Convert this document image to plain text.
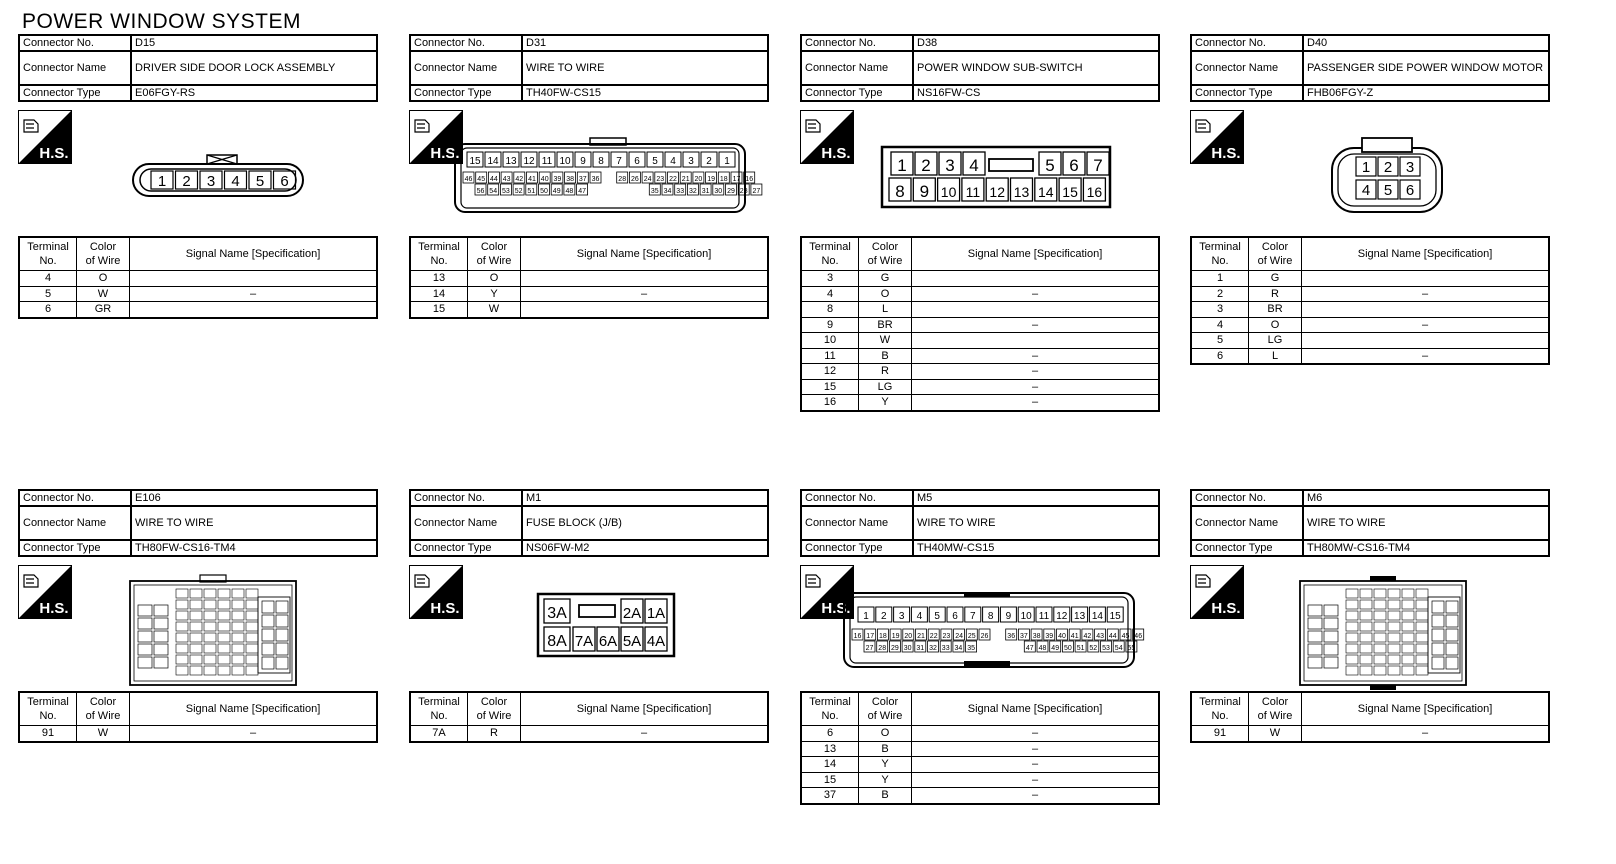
POWER WINDOW SYSTEM
Connector No.	D15
Connector Name	DRIVER SIDE DOOR LOCK ASSEMBLY
Connector Type	E06FGY-RS
H.S.
1 2 3 4 5 6
Terminal
No.	Color
of Wire	Signal Name [Specification]
4	O	
5	W	–
6	GR	
Connector No.	D31
Connector Name	WIRE TO WIRE
Connector Type	TH40FW-CS15
H.S. 15 14 13 12 11 10 9 8 7 6 5 4 3 2 1
46 45 44 43 42 41 40 39 38 37 36	28 26 24 23 22 21 20 19 18 17 16
56 54 53 52 51 50 49 48 47	35 34 33 32 31 30 29 28 27
Terminal
No.	Color
of Wire	Signal Name [Specification]
13	O	
14	Y	–
15	W	
Connector No.	D38
Connector Name	POWER WINDOW SUB-SWITCH
Connector Type	NS16FW-CS
H.S.
1 2 3 4	5 6 7
8 9 10 11 12 13 14 15 16
Terminal
No.	Color
of Wire	Signal Name [Specification]
3	G	
4	O	–
8	L	
9	BR	–
10	W	
11	B	–
12	R	–
15	LG	–
16	Y	–
Connector No.	D40
Connector Name	PASSENGER SIDE POWER WINDOW MOTOR
Connector Type	FHB06FGY-Z
H.S.
1 2 3
4 5 6
Terminal
No.	Color
of Wire	Signal Name [Specification]
1	G	
2	R	–
3	BR	
4	O	–
5	LG	
6	L	–
Connector No.	E106
Connector Name	WIRE TO WIRE
Connector Type	TH80FW-CS16-TM4
H.S.
Terminal
No.	Color
of Wire	Signal Name [Specification]
91	W	–
Connector No.	M1
Connector Name	FUSE BLOCK (J/B)
Connector Type	NS06FW-M2
H.S.	3A	2A 1A
8A 7A 6A 5A 4A
Terminal
No.	Color
of Wire	Signal Name [Specification]
7A	R	–
Connector No.	M5
Connector Name	WIRE TO WIRE
Connector Type	TH40MW-CS15
H.S. 1 2 3 4 5 6 7 8 9 10 11 12 13 14 15
16 17 18 19 20 21 22 23 24 25 26	36 37 38 39 40 41 42 43 44 45 46
27 28 29 30 31 32 33 34 35	47 48 49 50 51 52 53 54 55
Terminal
No.	Color
of Wire	Signal Name [Specification]
6	O	–
13	B	–
14	Y	–
15	Y	–
37	B	–
Connector No.	M6
Connector Name	WIRE TO WIRE
Connector Type	TH80MW-CS16-TM4
H.S.
Terminal
No.	Color
of Wire	Signal Name [Specification]
91	W	–
